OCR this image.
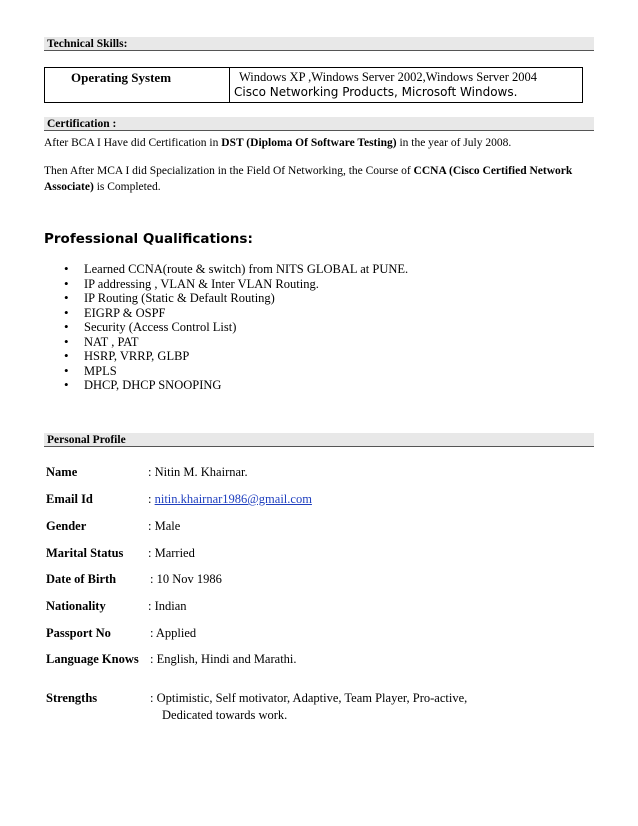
Technical Skills:
Operating System	Windows XP ,Windows Server 2002,Windows Server 2004
Cisco Networking Products, Microsoft Windows.
Certification :
After BCA I Have did Certification in DST (Diploma Of Software Testing) in the year of July 2008.
Then After MCA I did Specialization in the Field Of Networking, the Course of CCNA (Cisco Certified Network Associate) is Completed.
Professional Qualifications:
• Learned CCNA(route & switch) from NITS GLOBAL at PUNE.
• IP addressing , VLAN & Inter VLAN Routing.
• IP Routing (Static & Default Routing)
• EIGRP & OSPF
• Security (Access Control List)
• NAT , PAT
• HSRP, VRRP, GLBP
• MPLS
• DHCP, DHCP SNOOPING
Personal Profile
Name	: Nitin M. Khairnar.
Email Id	: nitin.khairnar1986@gmail.com
Gender	: Male
Marital Status : Married
Date of Birth	: 10 Nov 1986
Nationality	: Indian
Passport No	: Applied
Language Knows : English, Hindi and Marathi.
Strengths	: Optimistic, Self motivator, Adaptive, Team Player, Pro-active,
Dedicated towards work.
